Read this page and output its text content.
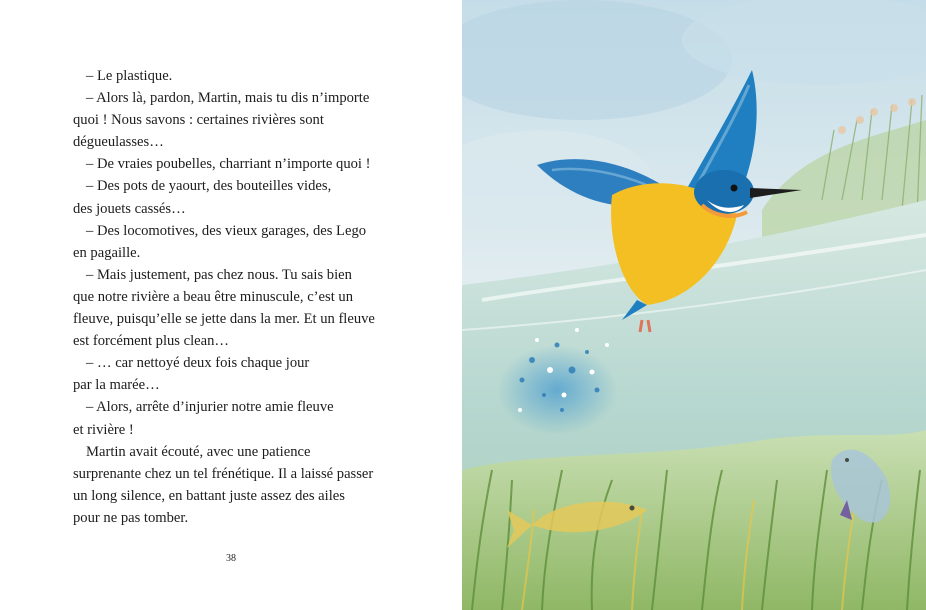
– Le plastique.
– Alors là, pardon, Martin, mais tu dis n’importe
quoi ! Nous savons : certaines rivières sont
dégueulasses…
– De vraies poubelles, charriant n’importe quoi !
– Des pots de yaourt, des bouteilles vides,
des jouets cassés…
– Des locomotives, des vieux garages, des Lego
en pagaille.
– Mais justement, pas chez nous. Tu sais bien
que notre rivière a beau être minuscule, c’est un
fleuve, puisqu’elle se jette dans la mer. Et un fleuve
est forcément plus clean…
– … car nettoyé deux fois chaque jour
par la marée…
– Alors, arrête d’injurier notre amie fleuve
et rivière !
Martin avait écouté, avec une patience
surprenante chez un tel frénétique. Il a laissé passer
un long silence, en battant juste assez des ailes
pour ne pas tomber.
38
